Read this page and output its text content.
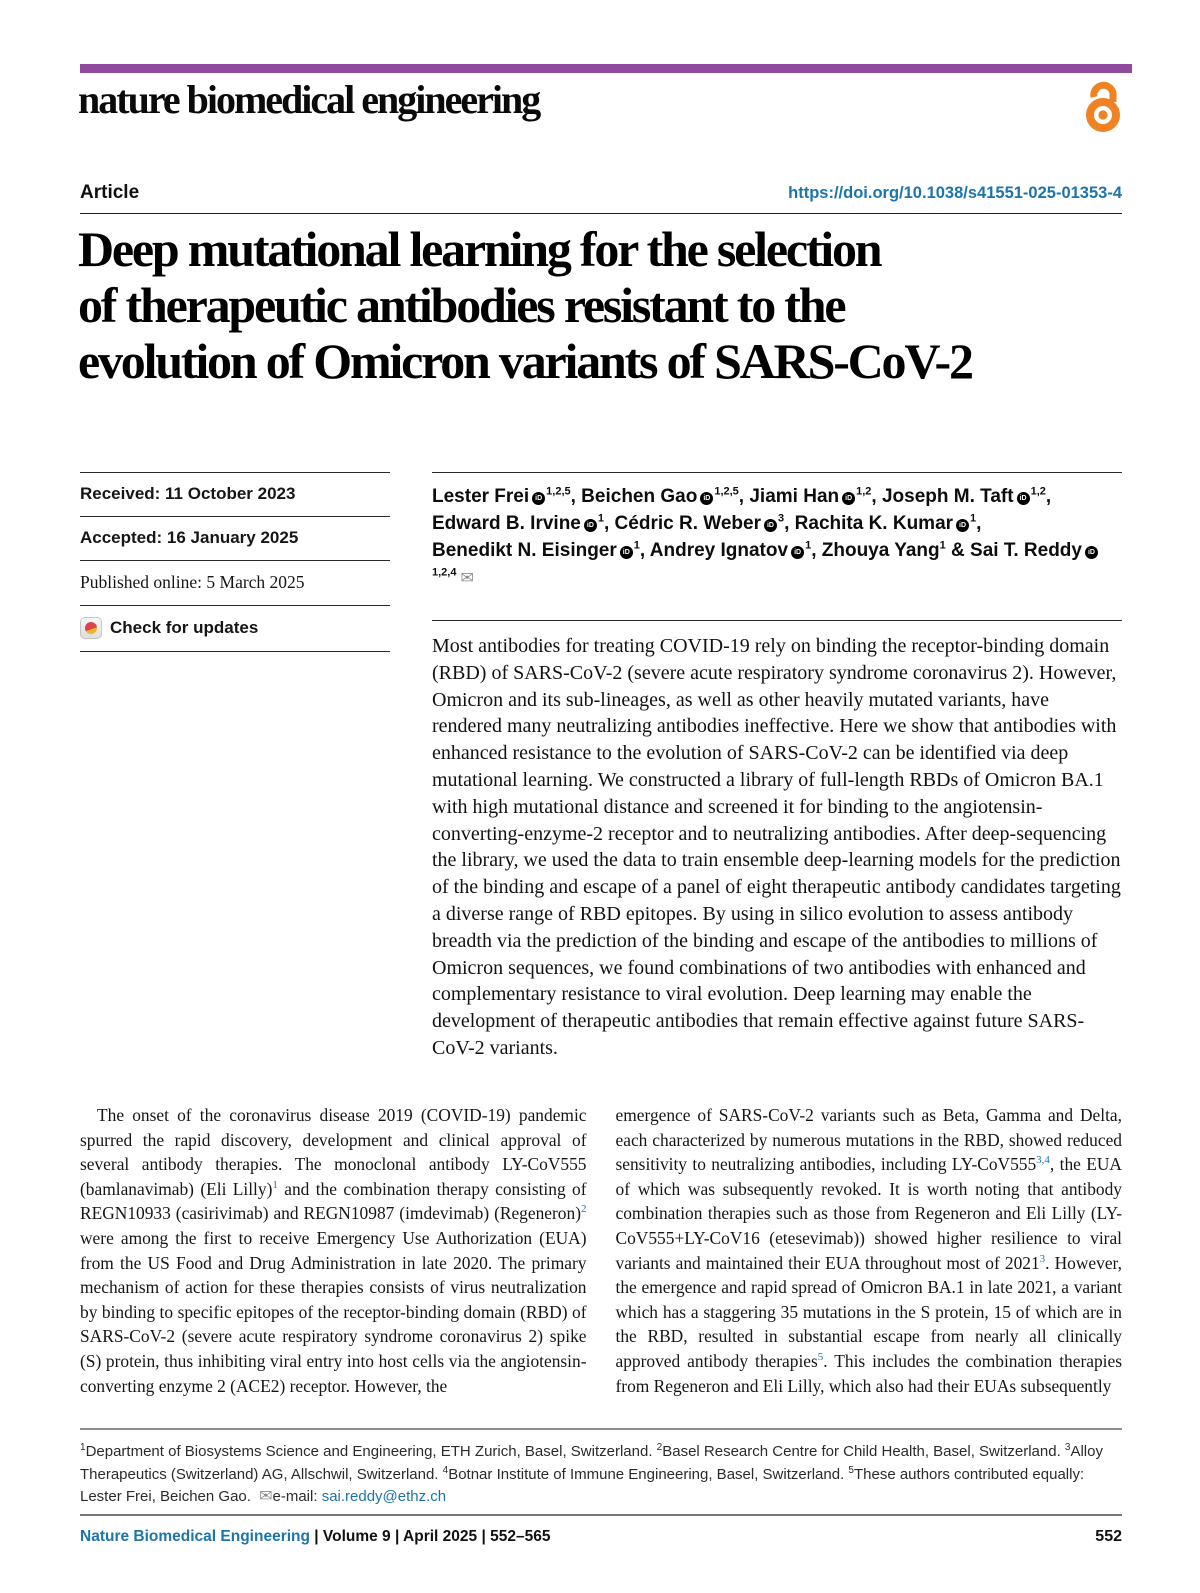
nature biomedical engineering
Article	https://doi.org/10.1038/s41551-025-01353-4
Deep mutational learning for the selection
of therapeutic antibodies resistant to the
evolution of Omicron variants of SARS-CoV-2
Received: 11 October 2023
Accepted: 16 January 2025
Published online: 5 March 2025
Check for updates
Lester Frei iD$^{1,2,5}$, Beichen Gao iD$^{1,2,5}$, Jiami Han iD$^{1,2}$, Joseph M. Taft iD$^{1,2}$,
Edward B. Irvine iD$^1$, Cédric R. Weber iD$^3$, Rachita K. Kumar iD$^1$,
Benedikt N. Eisinger iD$^1$, Andrey Ignatov iD$^1$, Zhouya Yang$^1$ & Sai T. Reddy iD$^{1,2,4}$ ✉

Most antibodies for treating COVID-19 rely on binding the receptor-binding domain (RBD) of SARS-CoV-2 (severe acute respiratory syndrome coronavirus 2). However, Omicron and its sub-lineages, as well as other heavily mutated variants, have rendered many neutralizing antibodies ineffective. Here we show that antibodies with enhanced resistance to the evolution of SARS-CoV-2 can be identified via deep mutational learning. We constructed a library of full-length RBDs of Omicron BA.1 with high mutational distance and screened it for binding to the angiotensin-converting-enzyme-2 receptor and to neutralizing antibodies. After deep-sequencing the library, we used the data to train ensemble deep-learning models for the prediction of the binding and escape of a panel of eight therapeutic antibody candidates targeting a diverse range of RBD epitopes. By using in silico evolution to assess antibody breadth via the prediction of the binding and escape of the antibodies to millions of Omicron sequences, we found combinations of two antibodies with enhanced and complementary resistance to viral evolution. Deep learning may enable the development of therapeutic antibodies that remain effective against future SARS-CoV-2 variants.

The onset of the coronavirus disease 2019 (COVID-19) pandemic spurred the rapid discovery, development and clinical approval of several antibody therapies. The monoclonal antibody LY-CoV555 (bamlanavimab) (Eli Lilly)$^1$ and the combination therapy consisting of REGN10933 (casirivimab) and REGN10987 (imdevimab) (Regeneron)$^2$ were among the first to receive Emergency Use Authorization (EUA) from the US Food and Drug Administration in late 2020. The primary mechanism of action for these therapies consists of virus neutralization by binding to specific epitopes of the receptor-binding domain (RBD) of SARS-CoV-2 (severe acute respiratory syndrome coronavirus 2) spike (S) protein, thus inhibiting viral entry into host cells via the angiotensin-converting enzyme 2 (ACE2) receptor. However, the

emergence of SARS-CoV-2 variants such as Beta, Gamma and Delta, each characterized by numerous mutations in the RBD, showed reduced sensitivity to neutralizing antibodies, including LY-CoV555$^{3,4}$, the EUA of which was subsequently revoked. It is worth noting that antibody combination therapies such as those from Regeneron and Eli Lilly (LY-CoV555+LY-CoV16 (etesevimab)) showed higher resilience to viral variants and maintained their EUA throughout most of 2021$^3$. However, the emergence and rapid spread of Omicron BA.1 in late 2021, a variant which has a staggering 35 mutations in the S protein, 15 of which are in the RBD, resulted in substantial escape from nearly all clinically approved antibody therapies$^5$. This includes the combination therapies from Regeneron and Eli Lilly, which also had their EUAs subsequently

$^1$Department of Biosystems Science and Engineering, ETH Zurich, Basel, Switzerland. $^2$Basel Research Centre for Child Health, Basel, Switzerland. $^3$Alloy Therapeutics (Switzerland) AG, Allschwil, Switzerland. $^4$Botnar Institute of Immune Engineering, Basel, Switzerland. $^5$These authors contributed equally: Lester Frei, Beichen Gao. ✉e-mail: sai.reddy@ethz.ch
Nature Biomedical Engineering | Volume 9 | April 2025 | 552–565	552
